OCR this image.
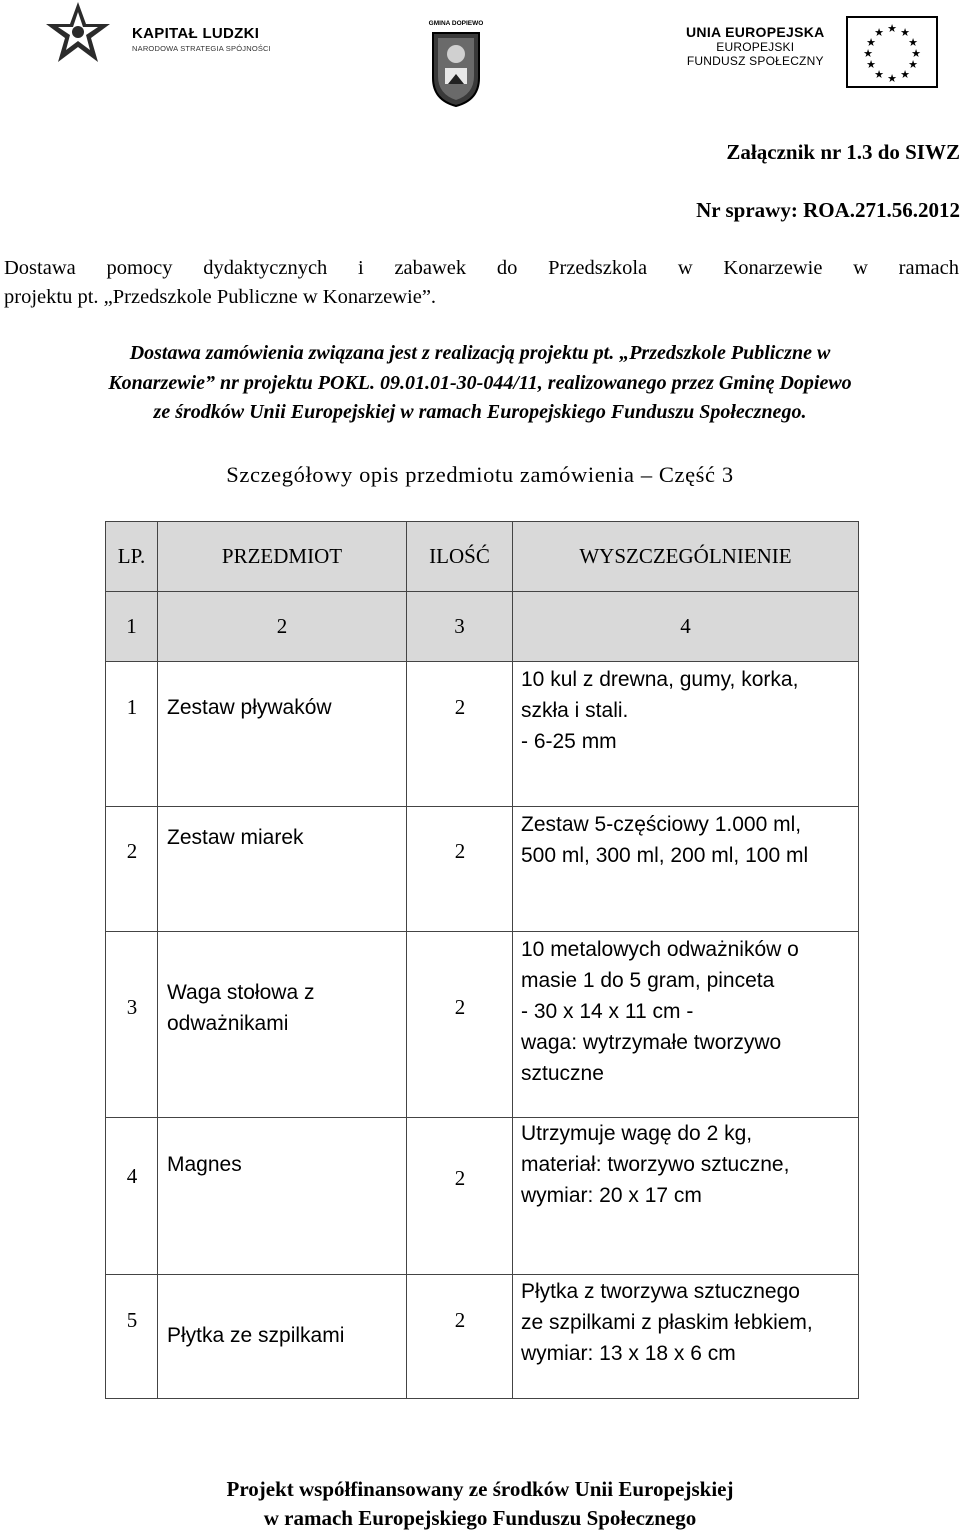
KAPITAŁ LUDZKI
NARODOWA STRATEGIA SPÓJNOŚCI
GMINA DOPIEWO
UNIA EUROPEJSKA
EUROPEJSKI
FUNDUSZ SPOŁECZNY
★ ★
★
★
★
★
★
★
★
★
★
★
Załącznik nr 1.3 do SIWZ
Nr sprawy: ROA.271.56.2012
Dostawa pomocy dydaktycznych i zabawek do Przedszkola w Konarzewie w ramach
projektu pt. „Przedszkole Publiczne w Konarzewie”.
Dostawa zamówienia związana jest z realizacją projektu pt. „Przedszkole Publiczne w
Konarzewie” nr projektu POKL. 09.01.01-30-044/11, realizowanego przez Gminę Dopiewo
ze środków Unii Europejskiej w ramach Europejskiego Funduszu Społecznego.
Szczegółowy opis przedmiotu zamówienia – Część 3
LP.	PRZEDMIOT	ILOŚĆ	WYSZCZEGÓLNIENIE
1	2	3	4

1	Zestaw pływaków	2	10 kul z drewna, gumy, korka,
szkła i stali.
- 6-25 mm

2	Zestaw miarek	2	Zestaw 5-częściowy 1.000 ml,
500 ml, 300 ml, 200 ml, 100 ml

3	Waga stołowa z
odważnikami	2	10 metalowych odważników o
masie 1 do 5 gram, pinceta
- 30 x 14 x 11 cm -
waga: wytrzymałe tworzywo
sztuczne

4	Magnes	2	Utrzymuje wagę do 2 kg,
materiał: tworzywo sztuczne,
wymiar: 20 x 17 cm

5	Płytka ze szpilkami	2	Płytka z tworzywa sztucznego
ze szpilkami z płaskim łebkiem,
wymiar: 13 x 18 x 6 cm
Projekt współfinansowany ze środków Unii Europejskiej
w ramach Europejskiego Funduszu Społecznego
